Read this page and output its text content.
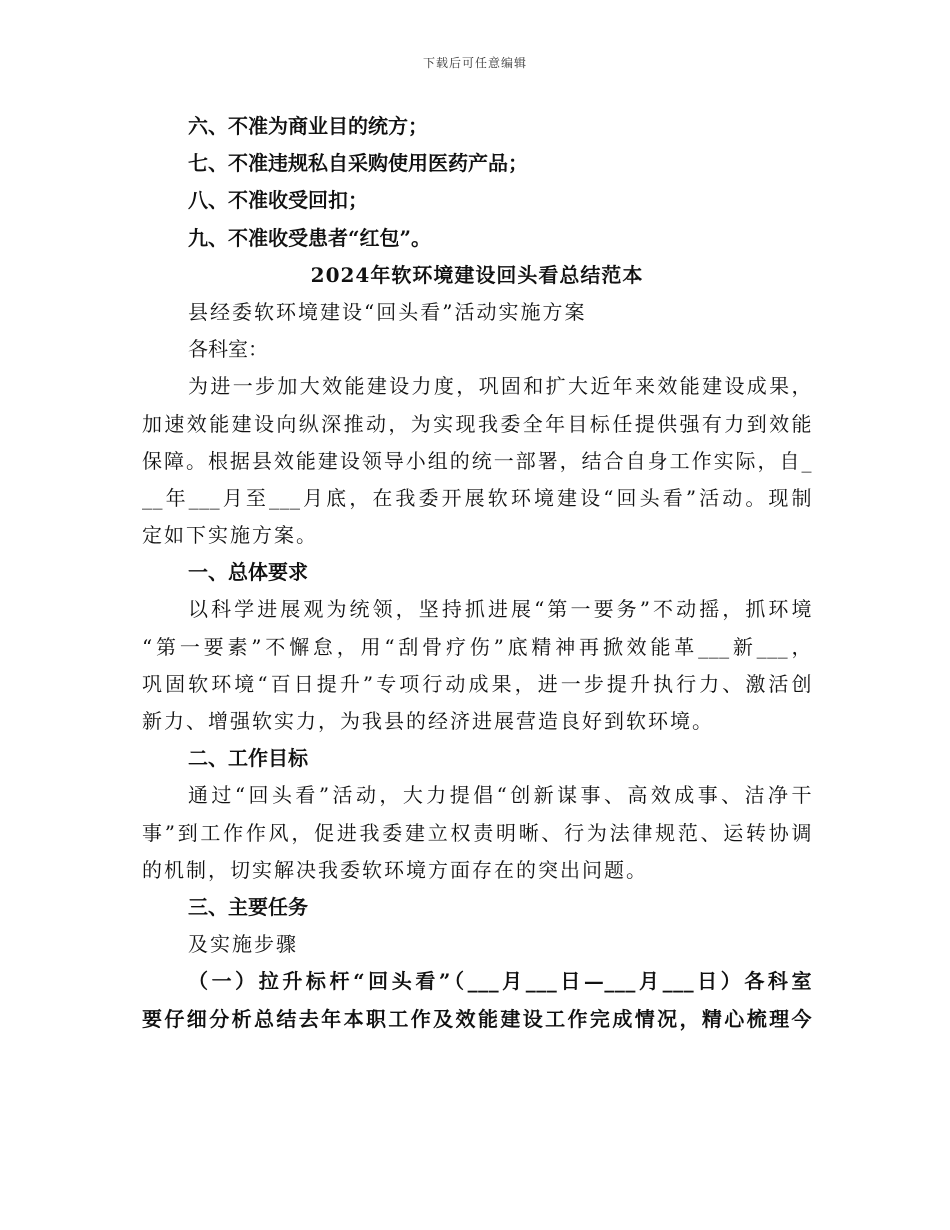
下载后可任意编辑
六、不准为商业目的统方；
七、不准违规私自采购使用医药产品；
八、不准收受回扣；
九、不准收受患者“红包”。
2024年软环境建设回头看总结范本
县经委软环境建设“回头看”活动实施方案
各科室：
为进一步加大效能建设力度，巩固和扩大近年来效能建设成果，
加速效能建设向纵深推动，为实现我委全年目标任提供强有力到效能
保障。根据县效能建设领导小组的统一部署，结合自身工作实际，自_
__年___月至___月底，在我委开展软环境建设“回头看”活动。现制
定如下实施方案。
一、总体要求
以科学进展观为统领，坚持抓进展“第一要务”不动摇，抓环境
“第一要素”不懈怠，用“刮骨疗伤”底精神再掀效能革___新___，
巩固软环境“百日提升”专项行动成果，进一步提升执行力、激活创
新力、增强软实力，为我县的经济进展营造良好到软环境。
二、工作目标
通过“回头看”活动，大力提倡“创新谋事、高效成事、洁净干
事”到工作作风，促进我委建立权责明晰、行为法律规范、运转协调
的机制，切实解决我委软环境方面存在的突出问题。
三、主要任务
及实施步骤
（一）拉升标杆“回头看”（___月___日—___月___日）各科室
要仔细分析总结去年本职工作及效能建设工作完成情况，精心梳理今
